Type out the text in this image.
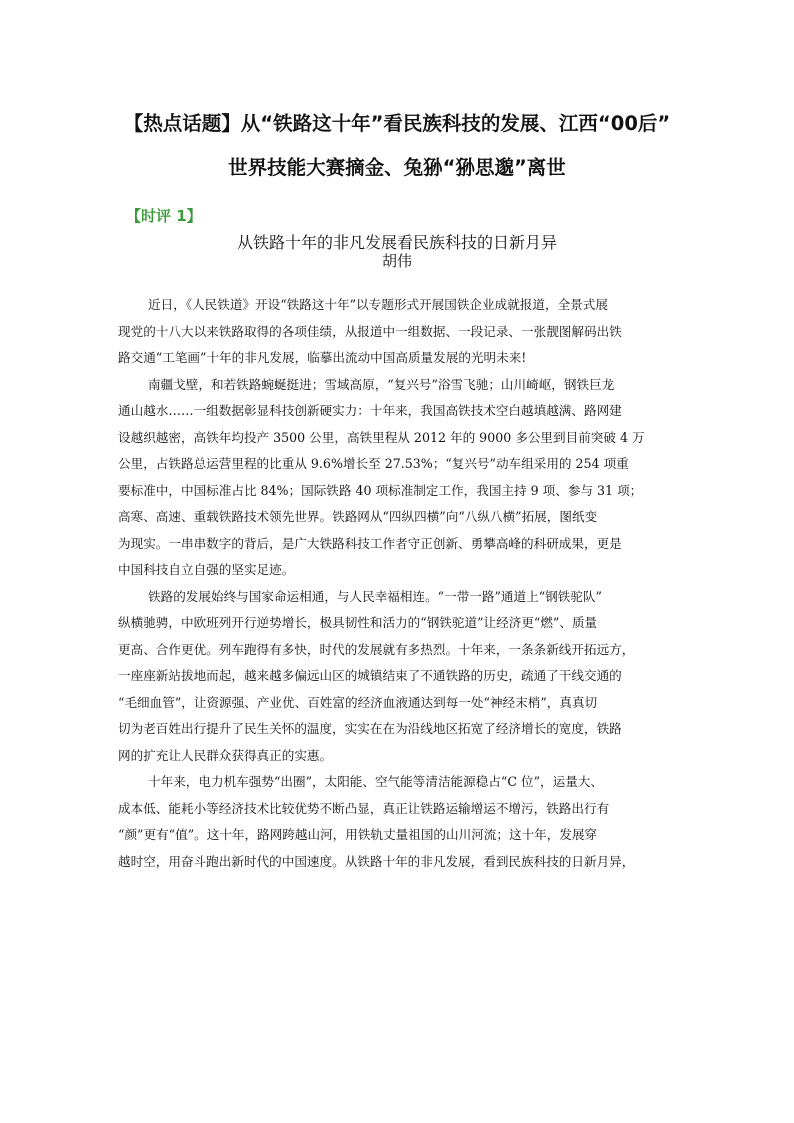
【热点话题】从“铁路这十年”看民族科技的发展、江西“00后”
世界技能大赛摘金、兔狲“狲思邈”离世
【时评 1】
从铁路十年的非凡发展看民族科技的日新月异
胡伟
近日，《人民铁道》开设“铁路这十年”以专题形式开展国铁企业成就报道，全景式展
现党的十八大以来铁路取得的各项佳绩，从报道中一组数据、一段记录、一张靓图解码出铁
路交通“工笔画”十年的非凡发展，临摹出流动中国高质量发展的光明未来!
南疆戈壁，和若铁路蜿蜒挺进；雪域高原，“复兴号”浴雪飞驰；山川崎岖，钢铁巨龙
通山越水……一组数据彰显科技创新硬实力：十年来，我国高铁技术空白越填越满、路网建
设越织越密，高铁年均投产 3500 公里，高铁里程从 2012 年的 9000 多公里到目前突破 4 万
公里，占铁路总运营里程的比重从 9.6%增长至 27.53%；“复兴号”动车组采用的 254 项重
要标准中，中国标准占比 84%；国际铁路 40 项标准制定工作，我国主持 9 项、参与 31 项；
高寒、高速、重载铁路技术领先世界。铁路网从“四纵四横”向“八纵八横”拓展，图纸变
为现实。一串串数字的背后，是广大铁路科技工作者守正创新、勇攀高峰的科研成果，更是
中国科技自立自强的坚实足迹。
铁路的发展始终与国家命运相通，与人民幸福相连。“一带一路”通道上“钢铁驼队”
纵横驰骋，中欧班列开行逆势增长，极具韧性和活力的“钢铁驼道”让经济更“燃”、质量
更高、合作更优。列车跑得有多快，时代的发展就有多热烈。十年来，一条条新线开拓远方，
一座座新站拔地而起，越来越多偏远山区的城镇结束了不通铁路的历史，疏通了干线交通的
“毛细血管”，让资源强、产业优、百姓富的经济血液通达到每一处“神经末梢”，真真切
切为老百姓出行提升了民生关怀的温度，实实在在为沿线地区拓宽了经济增长的宽度，铁路
网的扩充让人民群众获得真正的实惠。
十年来，电力机车强势“出圈”，太阳能、空气能等清洁能源稳占“C 位”，运量大、
成本低、能耗小等经济技术比较优势不断凸显，真正让铁路运输增运不增污，铁路出行有
“颜”更有“值”。这十年，路网跨越山河，用铁轨丈量祖国的山川河流；这十年，发展穿
越时空，用奋斗跑出新时代的中国速度。从铁路十年的非凡发展，看到民族科技的日新月异，
